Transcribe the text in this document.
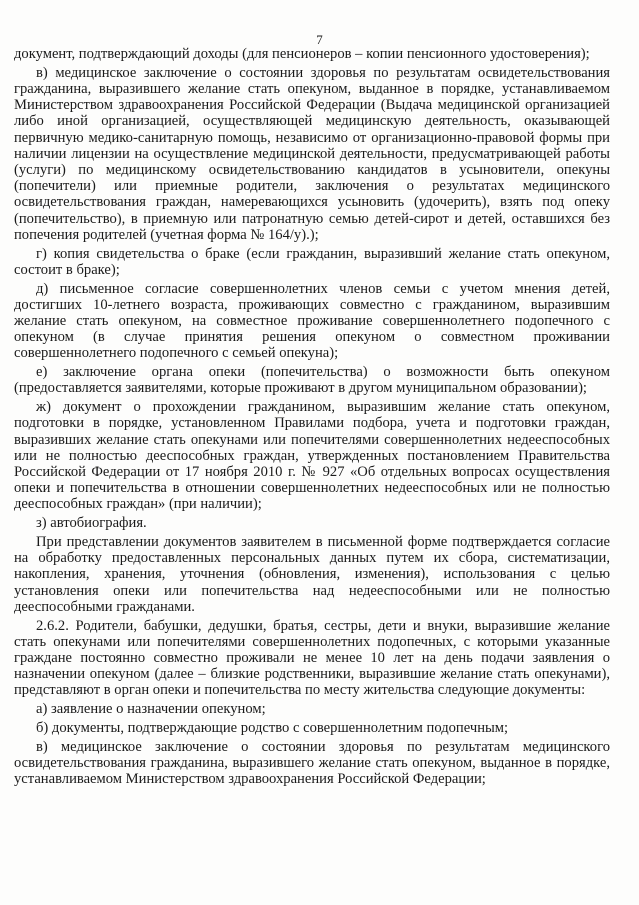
7

документ, подтверждающий доходы (для пенсионеров – копии пенсионного удостоверения);

в) медицинское заключение о состоянии здоровья по результатам освидетельствования гражданина, выразившего желание стать опекуном, выданное в порядке, устанавливаемом Министерством здравоохранения Российской Федерации (Выдача медицинской организацией либо иной организацией, осуществляющей медицинскую деятельность, оказывающей первичную медико-санитарную помощь, независимо от организационно-правовой формы при наличии лицензии на осуществление медицинской деятельности, предусматривающей работы (услуги) по медицинскому освидетельствованию кандидатов в усыновители, опекуны (попечители) или приемные родители, заключения о результатах медицинского освидетельствования граждан, намеревающихся усыновить (удочерить), взять под опеку (попечительство), в приемную или патронатную семью детей-сирот и детей, оставшихся без попечения родителей (учетная форма № 164/у).);

г) копия свидетельства о браке (если гражданин, выразивший желание стать опекуном, состоит в браке);

д) письменное согласие совершеннолетних членов семьи с учетом мнения детей, достигших 10-летнего возраста, проживающих совместно с гражданином, выразившим желание стать опекуном, на совместное проживание совершеннолетнего подопечного с опекуном (в случае принятия решения опекуном о совместном проживании совершеннолетнего подопечного с семьей опекуна);

е) заключение органа опеки (попечительства) о возможности быть опекуном (предоставляется заявителями, которые проживают в другом муниципальном образовании);

ж) документ о прохождении гражданином, выразившим желание стать опекуном, подготовки в порядке, установленном Правилами подбора, учета и подготовки граждан, выразивших желание стать опекунами или попечителями совершеннолетних недееспособных или не полностью дееспособных граждан, утвержденных постановлением Правительства Российской Федерации от 17 ноября 2010 г. № 927 «Об отдельных вопросах осуществления опеки и попечительства в отношении совершеннолетних недееспособных или не полностью дееспособных граждан» (при наличии);

з) автобиография.

При представлении документов заявителем в письменной форме подтверждается согласие на обработку предоставленных персональных данных путем их сбора, систематизации, накопления, хранения, уточнения (обновления, изменения), использования с целью установления опеки или попечительства над недееспособными или не полностью дееспособными гражданами.

2.6.2. Родители, бабушки, дедушки, братья, сестры, дети и внуки, выразившие желание стать опекунами или попечителями совершеннолетних подопечных, с которыми указанные граждане постоянно совместно проживали не менее 10 лет на день подачи заявления о назначении опекуном (далее – близкие родственники, выразившие желание стать опекунами), представляют в орган опеки и попечительства по месту жительства следующие документы:

а) заявление о назначении опекуном;

б) документы, подтверждающие родство с совершеннолетним подопечным;

в) медицинское заключение о состоянии здоровья по результатам медицинского освидетельствования гражданина, выразившего желание стать опекуном, выданное в порядке, устанавливаемом Министерством здравоохранения Российской Федерации;
